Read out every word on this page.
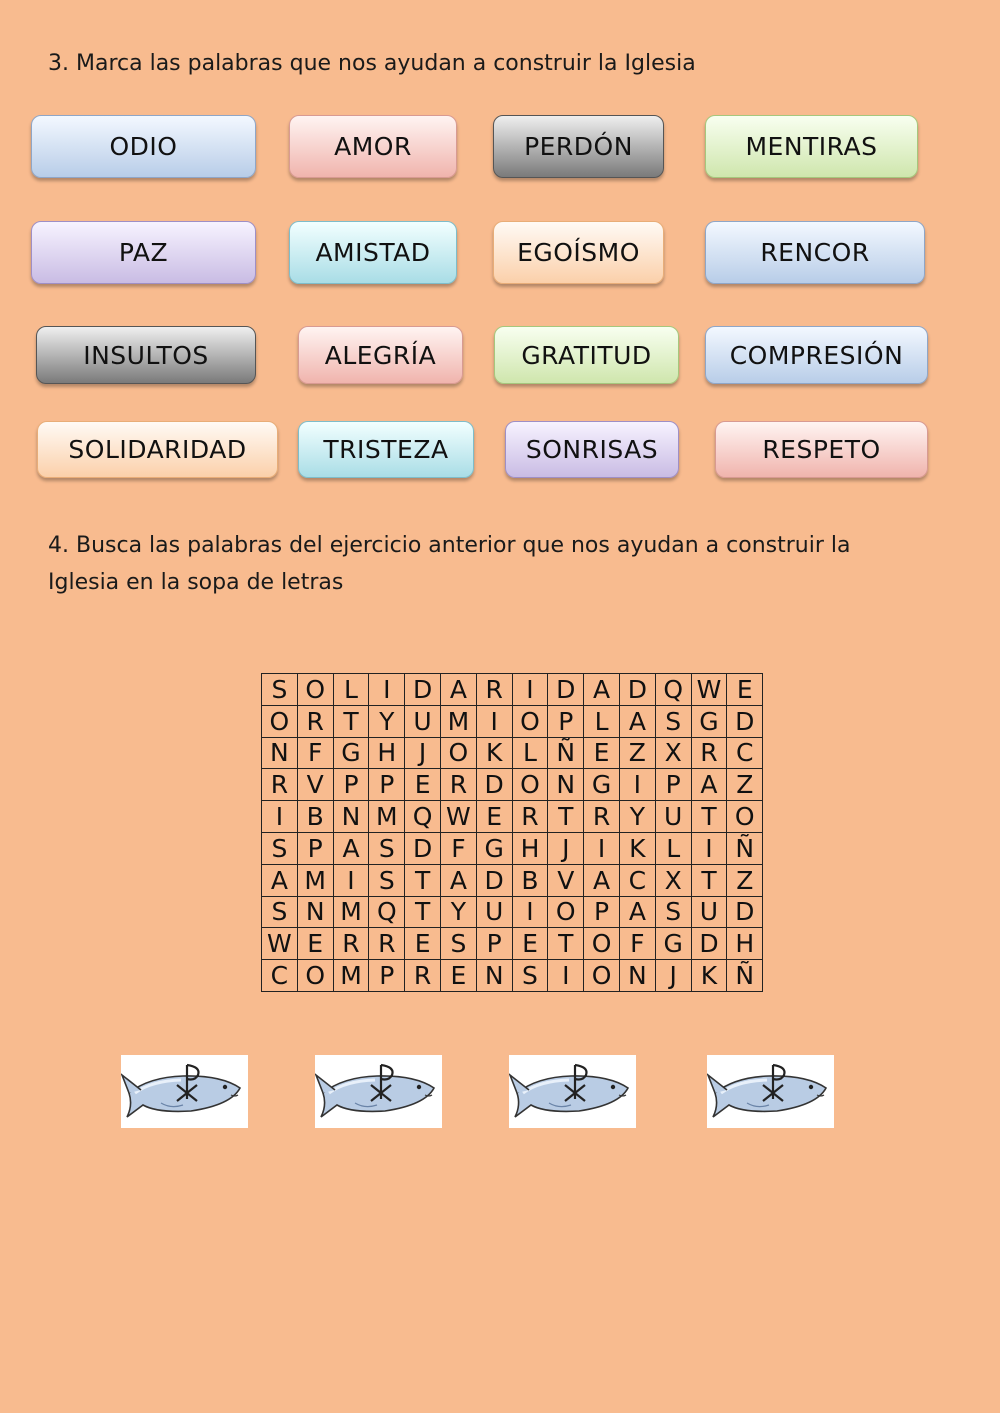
3. Marca las palabras que nos ayudan a construir la Iglesia

ODIO	AMOR	PERDÓN	MENTIRAS
PAZ	AMISTAD	EGOÍSMO	RENCOR
INSULTOS	ALEGRÍA	GRATITUD	COMPRESIÓN
SOLIDARIDAD	TRISTEZA	SONRISAS	RESPETO

4. Busca las palabras del ejercicio anterior que nos ayudan a construir la Iglesia en la sopa de letras

S	O	L	I	D	A	R	I	D	A	D	Q	W	E
O	R	T	Y	U	M	I	O	P	L	A	S	G	D
N	F	G	H	J	O	K	L	Ñ	E	Z	X	R	C
R	V	P	P	E	R	D	O	N	G	I	P	A	Z
I	B	N	M	Q	W	E	R	T	R	Y	U	T	O
S	P	A	S	D	F	G	H	J	I	K	L	I	Ñ
A	M	I	S	T	A	D	B	V	A	C	X	T	Z
S	N	M	Q	T	Y	U	I	O	P	A	S	U	D
W	E	R	R	E	S	P	E	T	O	F	G	D	H
C	O	M	P	R	E	N	S	I	O	N	J	K	Ñ
